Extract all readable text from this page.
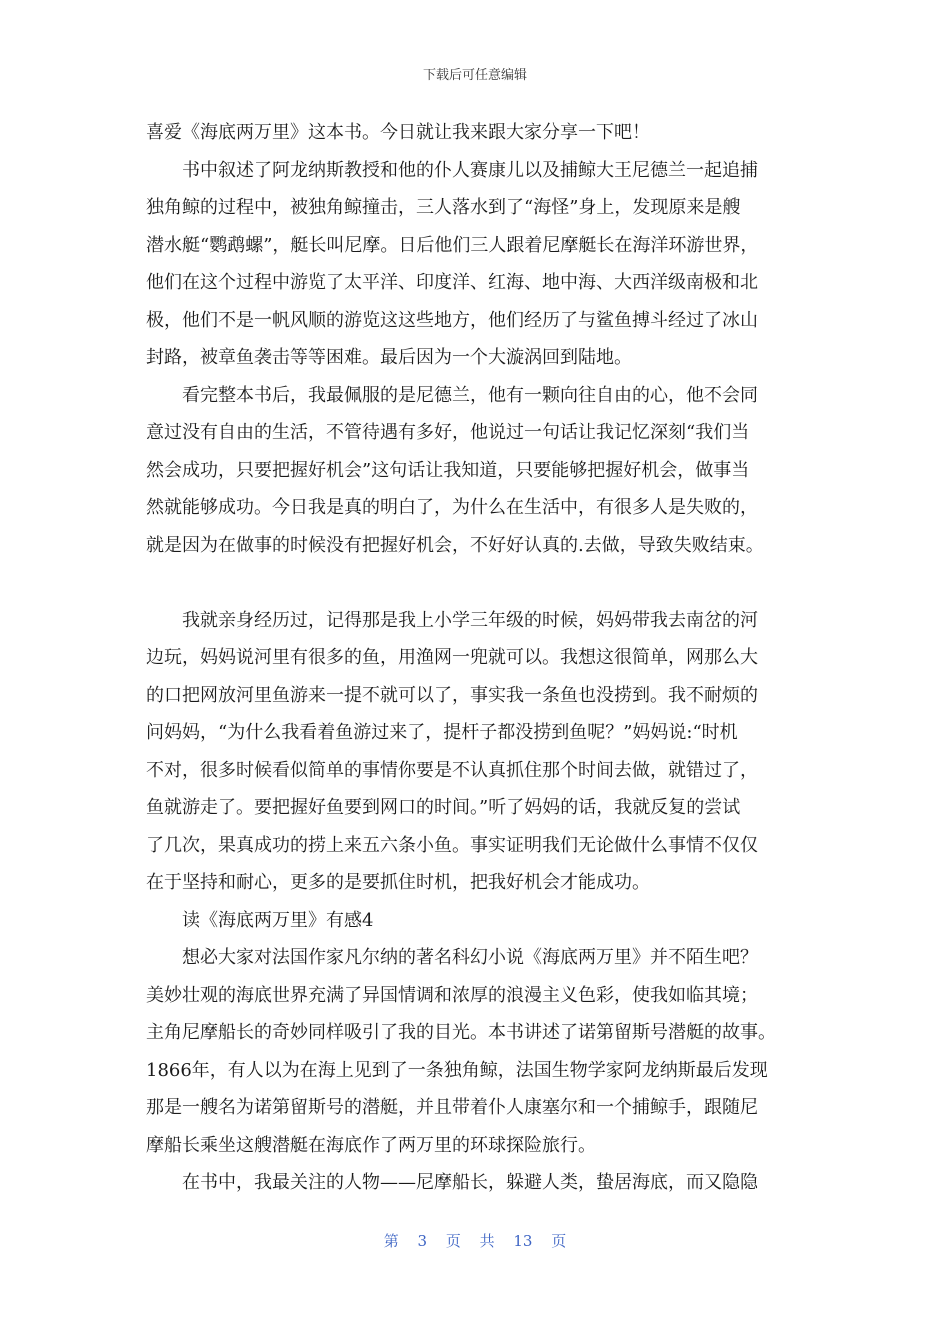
下载后可任意编辑
喜爱《海底两万里》这本书。今日就让我来跟大家分享一下吧！
书中叙述了阿龙纳斯教授和他的仆人赛康儿以及捕鲸大王尼德兰一起追捕
独角鲸的过程中，被独角鲸撞击，三人落水到了“海怪”身上，发现原来是艘
潜水艇“鹦鹉螺”，艇长叫尼摩。日后他们三人跟着尼摩艇长在海洋环游世界，
他们在这个过程中游览了太平洋、印度洋、红海、地中海、大西洋级南极和北
极，他们不是一帆风顺的游览这这些地方，他们经历了与鲨鱼搏斗经过了冰山
封路，被章鱼袭击等等困难。最后因为一个大漩涡回到陆地。
看完整本书后，我最佩服的是尼德兰，他有一颗向往自由的心，他不会同
意过没有自由的生活，不管待遇有多好，他说过一句话让我记忆深刻“我们当
然会成功，只要把握好机会”这句话让我知道，只要能够把握好机会，做事当
然就能够成功。今日我是真的明白了，为什么在生活中，有很多人是失败的，
就是因为在做事的时候没有把握好机会，不好好认真的.去做，导致失败结束。
我就亲身经历过，记得那是我上小学三年级的时候，妈妈带我去南岔的河
边玩，妈妈说河里有很多的鱼，用渔网一兜就可以。我想这很简单，网那么大
的口把网放河里鱼游来一提不就可以了，事实我一条鱼也没捞到。我不耐烦的
问妈妈，“为什么我看着鱼游过来了，提杆子都没捞到鱼呢？”妈妈说:“时机
不对，很多时候看似简单的事情你要是不认真抓住那个时间去做，就错过了，
鱼就游走了。要把握好鱼要到网口的时间。”听了妈妈的话，我就反复的尝试
了几次，果真成功的捞上来五六条小鱼。事实证明我们无论做什么事情不仅仅
在于坚持和耐心，更多的是要抓住时机，把我好机会才能成功。
读《海底两万里》有感4
想必大家对法国作家凡尔纳的著名科幻小说《海底两万里》并不陌生吧？
美妙壮观的海底世界充满了异国情调和浓厚的浪漫主义色彩，使我如临其境；
主角尼摩船长的奇妙同样吸引了我的目光。本书讲述了诺第留斯号潜艇的故事。
1866年，有人以为在海上见到了一条独角鲸，法国生物学家阿龙纳斯最后发现
那是一艘名为诺第留斯号的潜艇，并且带着仆人康塞尔和一个捕鲸手，跟随尼
摩船长乘坐这艘潜艇在海底作了两万里的环球探险旅行。
在书中，我最关注的人物——尼摩船长，躲避人类，蛰居海底，而又隐隐
第 3 页 共 13 页
